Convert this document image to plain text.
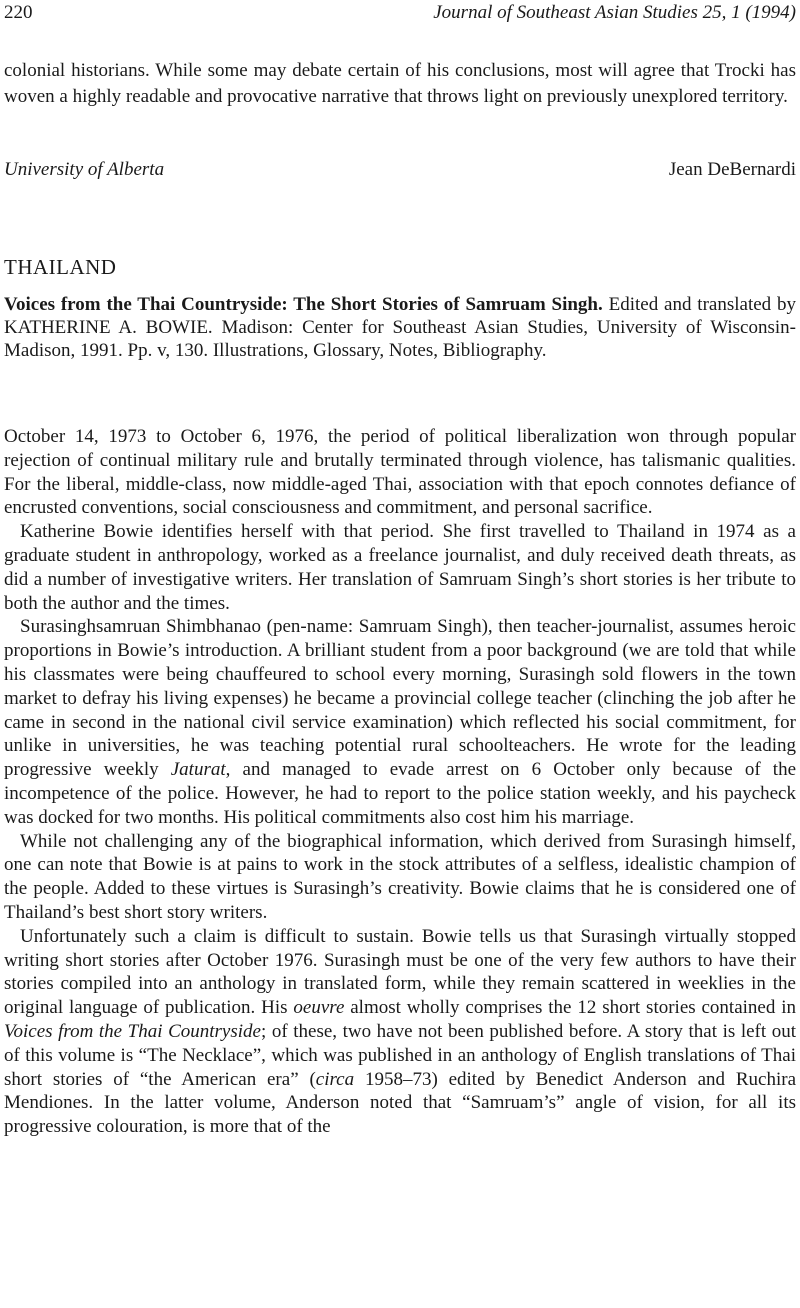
220	Journal of Southeast Asian Studies 25, 1 (1994)

colonial historians. While some may debate certain of his conclusions, most will agree that Trocki has woven a highly readable and provocative narrative that throws light on previously unexplored territory.

University of Alberta	Jean DeBernardi
THAILAND

Voices from the Thai Countryside: The Short Stories of Samruam Singh. Edited and translated by KATHERINE A. BOWIE. Madison: Center for Southeast Asian Studies, University of Wisconsin-Madison, 1991. Pp. v, 130. Illustrations, Glossary, Notes, Bibliography.

October 14, 1973 to October 6, 1976, the period of political liberalization won through popular rejection of continual military rule and brutally terminated through violence, has talismanic qualities. For the liberal, middle-class, now middle-aged Thai, association with that epoch connotes defiance of encrusted conventions, social consciousness and commitment, and personal sacrifice.

Katherine Bowie identifies herself with that period. She first travelled to Thailand in 1974 as a graduate student in anthropology, worked as a freelance journalist, and duly received death threats, as did a number of investigative writers. Her translation of Samruam Singh’s short stories is her tribute to both the author and the times.

Surasinghsamruan Shimbhanao (pen-name: Samruam Singh), then teacher-journalist, assumes heroic proportions in Bowie’s introduction. A brilliant student from a poor background (we are told that while his classmates were being chauffeured to school every morning, Surasingh sold flowers in the town market to defray his living expenses) he became a provincial college teacher (clinching the job after he came in second in the national civil service examination) which reflected his social commitment, for unlike in universities, he was teaching potential rural schoolteachers. He wrote for the leading progressive weekly Jaturat, and managed to evade arrest on 6 October only because of the incompetence of the police. However, he had to report to the police station weekly, and his paycheck was docked for two months. His political commitments also cost him his marriage.

While not challenging any of the biographical information, which derived from Surasingh himself, one can note that Bowie is at pains to work in the stock attributes of a selfless, idealistic champion of the people. Added to these virtues is Surasingh’s creativity. Bowie claims that he is considered one of Thailand’s best short story writers.

Unfortunately such a claim is difficult to sustain. Bowie tells us that Surasingh virtually stopped writing short stories after October 1976. Surasingh must be one of the very few authors to have their stories compiled into an anthology in translated form, while they remain scattered in weeklies in the original language of publication. His oeuvre almost wholly comprises the 12 short stories contained in Voices from the Thai Countryside; of these, two have not been published before. A story that is left out of this volume is “The Necklace”, which was published in an anthology of English translations of Thai short stories of “the American era” (circa 1958–73) edited by Benedict Anderson and Ruchira Mendiones. In the latter volume, Anderson noted that “Samruam’s” angle of vision, for all its progressive colouration, is more that of the
